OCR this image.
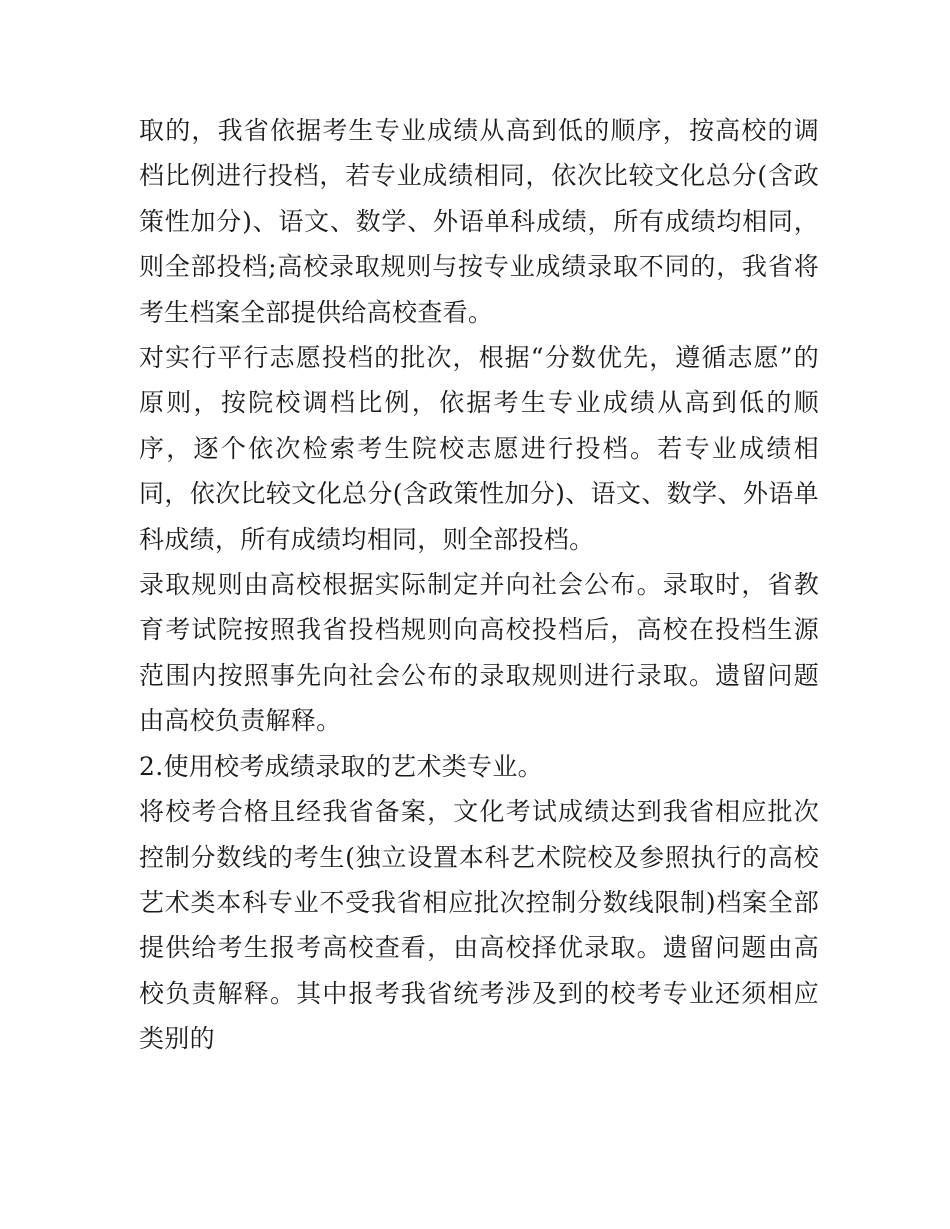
取的，我省依据考生专业成绩从高到低的顺序，按高校的调档比例进行投档，若专业成绩相同，依次比较文化总分(含政策性加分)、语文、数学、外语单科成绩，所有成绩均相同，则全部投档;高校录取规则与按专业成绩录取不同的，我省将考生档案全部提供给高校查看。

对实行平行志愿投档的批次，根据“分数优先，遵循志愿”的原则，按院校调档比例，依据考生专业成绩从高到低的顺序，逐个依次检索考生院校志愿进行投档。若专业成绩相同，依次比较文化总分(含政策性加分)、语文、数学、外语单科成绩，所有成绩均相同，则全部投档。

录取规则由高校根据实际制定并向社会公布。录取时，省教育考试院按照我省投档规则向高校投档后，高校在投档生源范围内按照事先向社会公布的录取规则进行录取。遗留问题由高校负责解释。

2.使用校考成绩录取的艺术类专业。

将校考合格且经我省备案，文化考试成绩达到我省相应批次控制分数线的考生(独立设置本科艺术院校及参照执行的高校艺术类本科专业不受我省相应批次控制分数线限制)档案全部提供给考生报考高校查看，由高校择优录取。遗留问题由高校负责解释。其中报考我省统考涉及到的校考专业还须相应类别的
